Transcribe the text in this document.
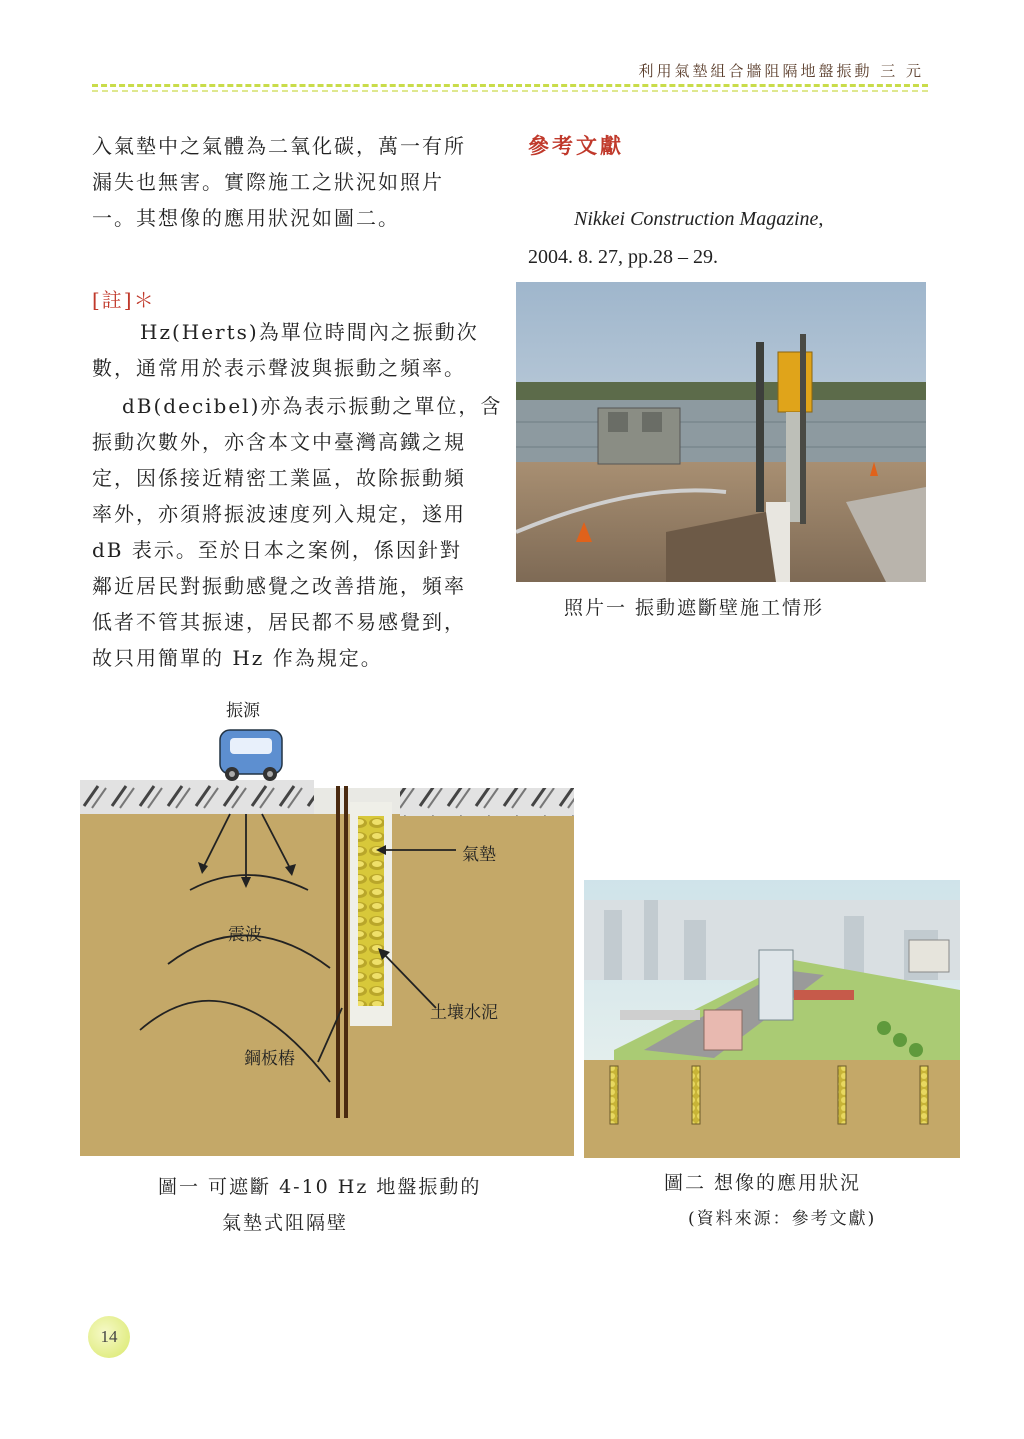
利用氣墊組合牆阻隔地盤振動 三 元

入氣墊中之氣體為二氧化碳，萬一有所

漏失也無害。實際施工之狀況如照片

一。其想像的應用狀況如圖二。

[註]＊

Hz(Herts)為單位時間內之振動次

數，通常用於表示聲波與振動之頻率。

dB(decibel)亦為表示振動之單位，含

振動次數外，亦含本文中臺灣高鐵之規

定，因係接近精密工業區，故除振動頻

率外，亦須將振波速度列入規定，遂用

dB 表示。至於日本之案例，係因針對

鄰近居民對振動感覺之改善措施，頻率

低者不管其振速，居民都不易感覺到，

故只用簡單的 Hz 作為規定。

參考文獻
Nikkei Construction Magazine,
2004. 8. 27, pp.28 – 29.
照片一 振動遮斷壁施工情形
振源
氣墊
震波
土壤水泥
鋼板樁
圖一 可遮斷 4-10 Hz 地盤振動的
氣墊式阻隔壁
圖二 想像的應用狀況
(資料來源：參考文獻)
14
